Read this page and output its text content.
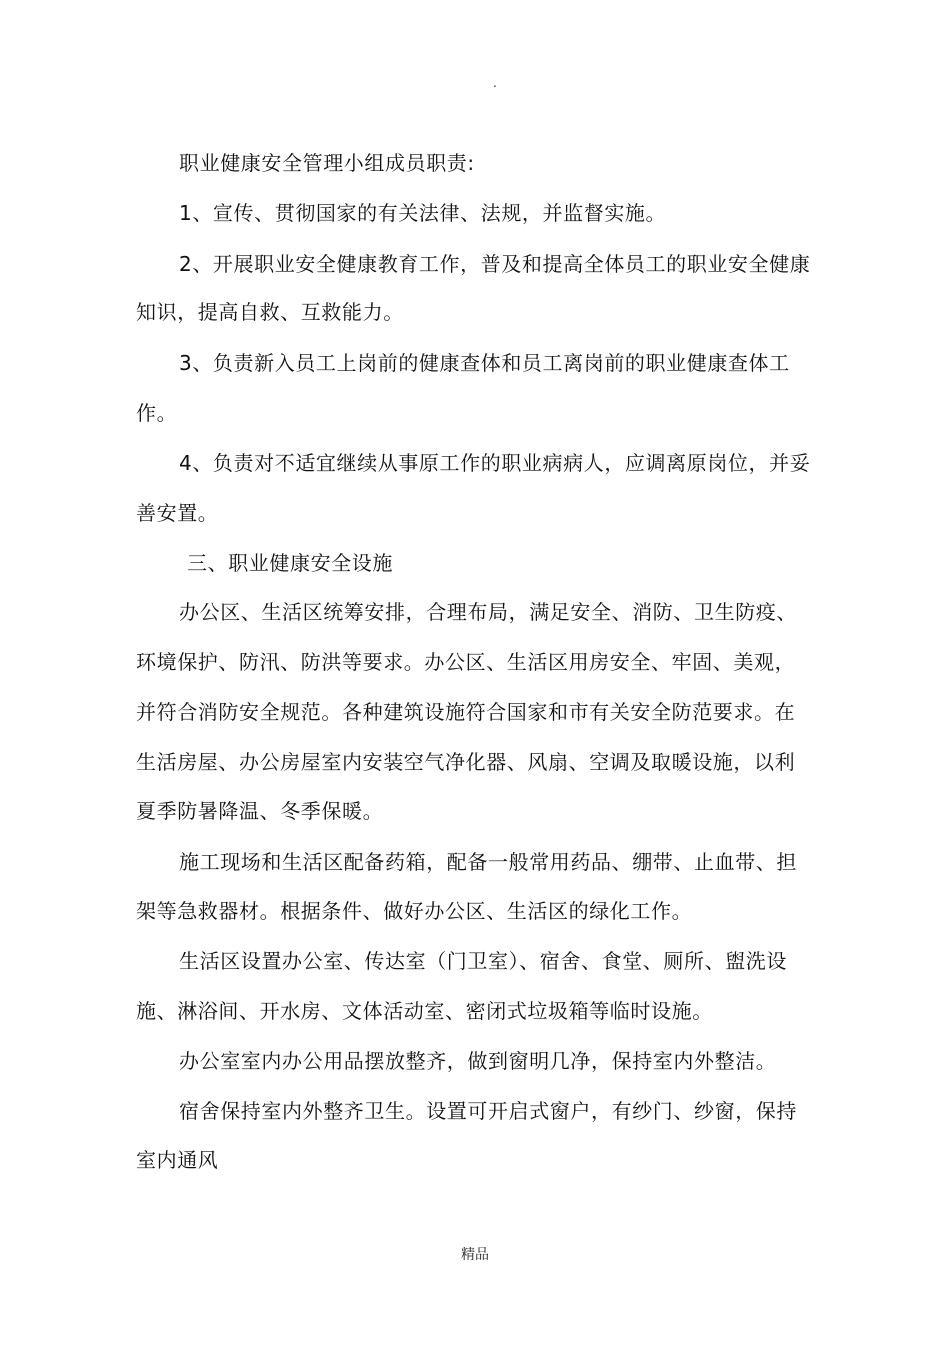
.
职业健康安全管理小组成员职责:
1、宣传、贯彻国家的有关法律、法规，并监督实施。
2、开展职业安全健康教育工作，普及和提高全体员工的职业安全健康
知识，提高自救、互救能力。
3、负责新入员工上岗前的健康查体和员工离岗前的职业健康查体工
作。
4、负责对不适宜继续从事原工作的职业病病人，应调离原岗位，并妥
善安置。
三、职业健康安全设施
办公区、生活区统筹安排，合理布局，满足安全、消防、卫生防疫、
环境保护、防汛、防洪等要求。办公区、生活区用房安全、牢固、美观，
并符合消防安全规范。各种建筑设施符合国家和市有关安全防范要求。在
生活房屋、办公房屋室内安装空气净化器、风扇、空调及取暖设施，以利
夏季防暑降温、冬季保暖。
施工现场和生活区配备药箱，配备一般常用药品、绷带、止血带、担
架等急救器材。根据条件、做好办公区、生活区的绿化工作。
生活区设置办公室、传达室（门卫室）、宿舍、食堂、厕所、盥洗设
施、淋浴间、开水房、文体活动室、密闭式垃圾箱等临时设施。
办公室室内办公用品摆放整齐，做到窗明几净，保持室内外整洁。
宿舍保持室内外整齐卫生。设置可开启式窗户，有纱门、纱窗，保持
室内通风
精品
